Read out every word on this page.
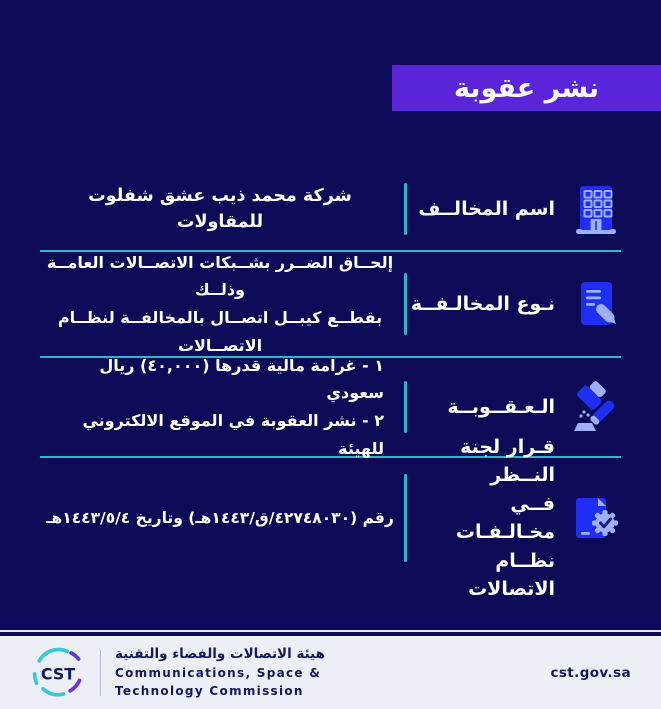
نشر عقوبة
اسم المخالــف
شركة محمد ذيب عشق شفلوت
للمقاولات
نـوع المخالـفــة
إلحــاق الضــرر بشــبكات الاتصــالات العامــة وذلــك
بقطــع كيبــل اتصــال بالمخالفــة لنظــام الاتصــالات
الـعـقــوبــة
١ - غرامة مالية قدرها (٤٠,٠٠٠) ريال سعودي
٢ - نشر العقوبة في الموقع الالكتروني للهيئة	قـرار لجنة النــظر
فــي مخـالـفـات
نظــام الاتصالات
رقم (٤٢٧٤٨٠٣٠/ق/١٤٤٣هـ) وتاريخ ١٤٤٣/٥/٤هـ
CST
هيئة الاتصالات والفضاء والتقنية
Communications, Space &
Technology Commission
cst.gov.sa
